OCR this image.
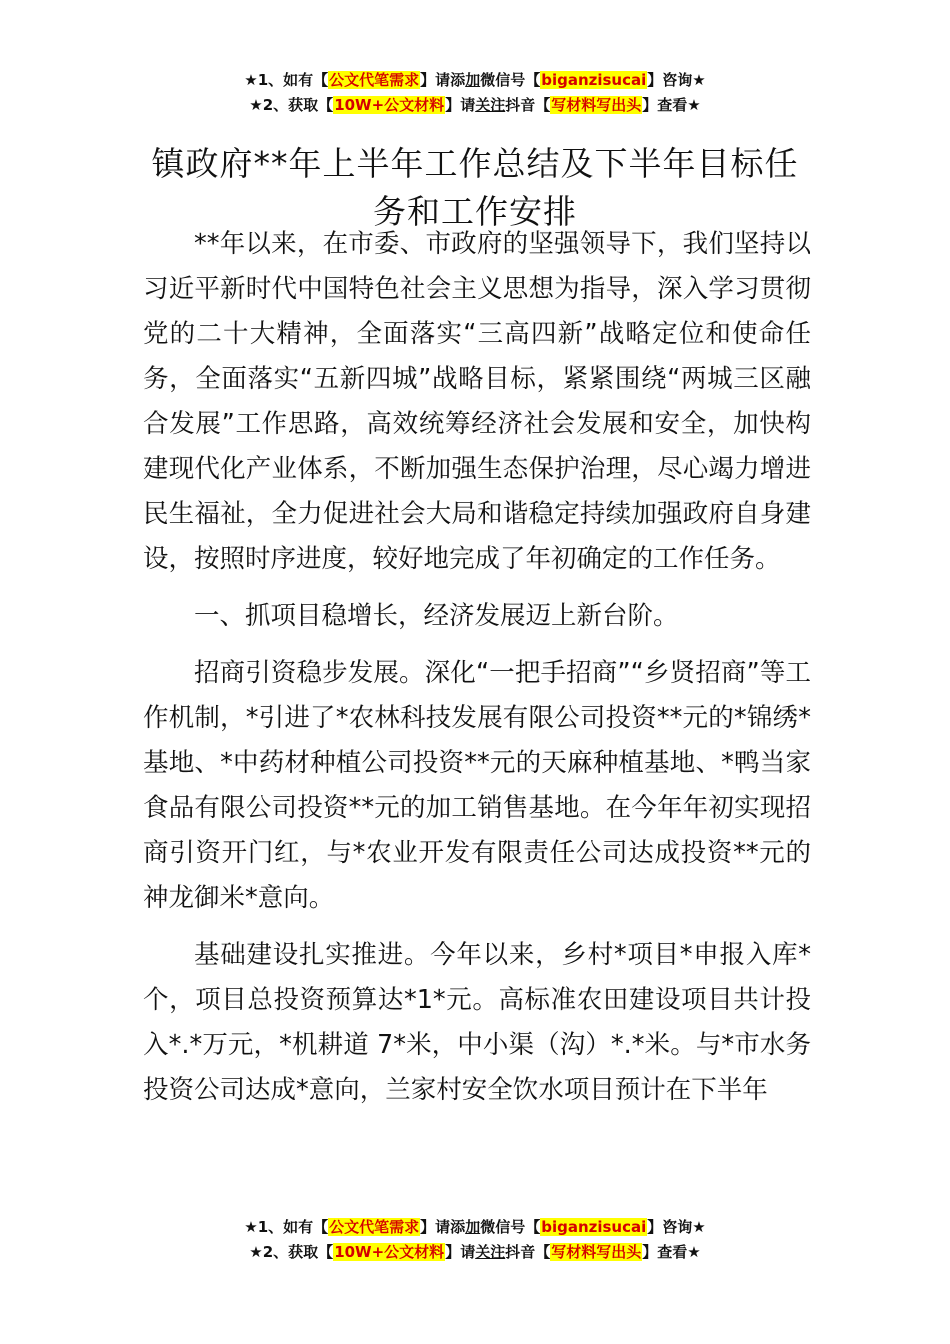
★1、如有【公文代笔需求】请添加微信号【biganzisucai】咨询★
★2、获取【10W+公文材料】请关注抖音【写材料写出头】查看★
镇政府**年上半年工作总结及下半年目标任务和工作安排

**年以来，在市委、市政府的坚强领导下，我们坚持以习近平新时代中国特色社会主义思想为指导，深入学习贯彻党的二十大精神，全面落实“三高四新”战略定位和使命任务，全面落实“五新四城”战略目标，紧紧围绕“两城三区融合发展”工作思路，高效统筹经济社会发展和安全，加快构建现代化产业体系，不断加强生态保护治理，尽心竭力增进民生福祉，全力促进社会大局和谐稳定持续加强政府自身建设，按照时序进度，较好地完成了年初确定的工作任务。

一、抓项目稳增长，经济发展迈上新台阶。

招商引资稳步发展。深化“一把手招商”“乡贤招商”等工作机制，*引进了*农林科技发展有限公司投资**元的*锦绣*基地、*中药材种植公司投资**元的天麻种植基地、*鸭当家食品有限公司投资**元的加工销售基地。在今年年初实现招商引资开门红，与*农业开发有限责任公司达成投资**元的神龙御米*意向。

基础建设扎实推进。今年以来，乡村*项目*申报入库*个，项目总投资预算达*1*元。高标准农田建设项目共计投入*.*万元，*机耕道 7*米，中小渠（沟）*.*米。与*市水务投资公司达成*意向，兰家村安全饮水项目预计在下半年

★1、如有【公文代笔需求】请添加微信号【biganzisucai】咨询★
★2、获取【10W+公文材料】请关注抖音【写材料写出头】查看★
